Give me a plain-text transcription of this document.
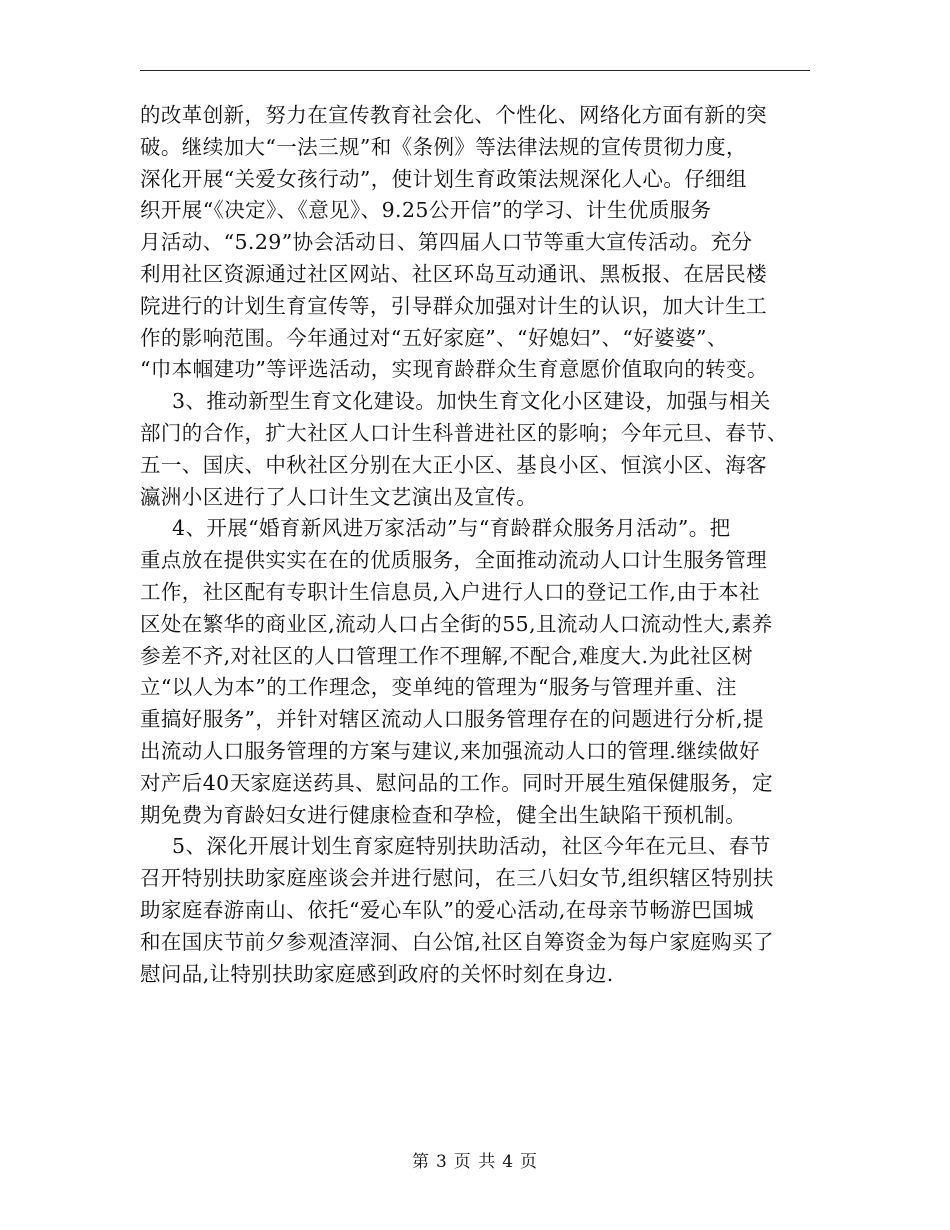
的改革创新，努力在宣传教育社会化、个性化、网络化方面有新的突
破。继续加大“一法三规”和《条例》等法律法规的宣传贯彻力度，
深化开展“关爱女孩行动”，使计划生育政策法规深化人心。仔细组
织开展“《决定》、《意见》、9.25公开信”的学习、计生优质服务
月活动、“5.29”协会活动日、第四届人口节等重大宣传活动。充分
利用社区资源通过社区网站、社区环岛互动通讯、黑板报、在居民楼
院进行的计划生育宣传等，引导群众加强对计生的认识，加大计生工
作的影响范围。今年通过对“五好家庭”、“好媳妇”、“好婆婆”、
“巾本帼建功”等评选活动，实现育龄群众生育意愿价值取向的转变。
3、推动新型生育文化建设。加快生育文化小区建设，加强与相关
部门的合作，扩大社区人口计生科普进社区的影响；今年元旦、春节、
五一、国庆、中秋社区分别在大正小区、基良小区、恒滨小区、海客
瀛洲小区进行了人口计生文艺演出及宣传。
4、开展“婚育新风进万家活动”与“育龄群众服务月活动”。把
重点放在提供实实在在的优质服务，全面推动流动人口计生服务管理
工作，社区配有专职计生信息员,入户进行人口的登记工作,由于本社
区处在繁华的商业区,流动人口占全街的55,且流动人口流动性大,素养
参差不齐,对社区的人口管理工作不理解,不配合,难度大.为此社区树
立“以人为本”的工作理念，变单纯的管理为“服务与管理并重、注
重搞好服务”，并针对辖区流动人口服务管理存在的问题进行分析,提
出流动人口服务管理的方案与建议,来加强流动人口的管理.继续做好
对产后40天家庭送药具、慰问品的工作。同时开展生殖保健服务，定
期免费为育龄妇女进行健康检查和孕检，健全出生缺陷干预机制。
5、深化开展计划生育家庭特别扶助活动，社区今年在元旦、春节
召开特别扶助家庭座谈会并进行慰问，在三八妇女节,组织辖区特别扶
助家庭春游南山、依托“爱心车队”的爱心活动,在母亲节畅游巴国城
和在国庆节前夕参观渣滓洞、白公馆,社区自筹资金为每户家庭购买了
慰问品,让特别扶助家庭感到政府的关怀时刻在身边.
第 3 页 共 4 页
